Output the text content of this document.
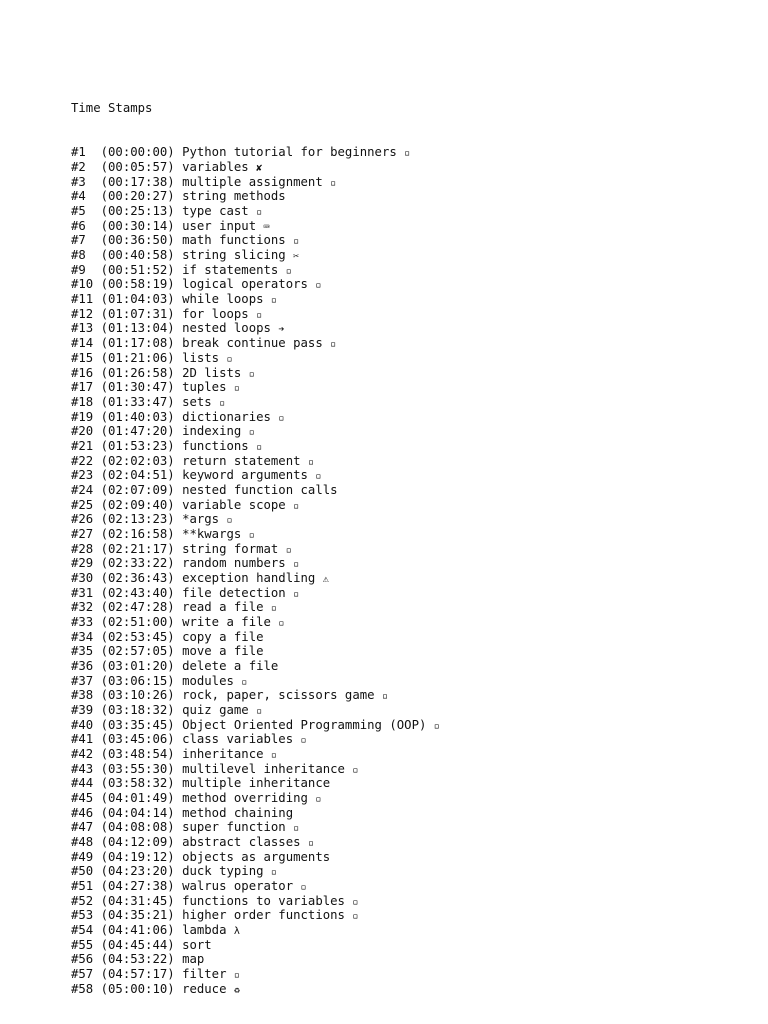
Time Stamps

#1  (00:00:00) Python tutorial for beginners ▫
#2  (00:05:57) variables ✘
#3  (00:17:38) multiple assignment ▫
#4  (00:20:27) string methods
#5  (00:25:13) type cast ▫
#6  (00:30:14) user input ⌨
#7  (00:36:50) math functions ▫
#8  (00:40:58) string slicing ✂
#9  (00:51:52) if statements ▫
#10 (00:58:19) logical operators ▫
#11 (01:04:03) while loops ▫
#12 (01:07:31) for loops ▫
#13 (01:13:04) nested loops ➔
#14 (01:17:08) break continue pass ▫
#15 (01:21:06) lists ▫
#16 (01:26:58) 2D lists ▫
#17 (01:30:47) tuples ▫
#18 (01:33:47) sets ▫
#19 (01:40:03) dictionaries ▫
#20 (01:47:20) indexing ▫
#21 (01:53:23) functions ▫
#22 (02:02:03) return statement ▫
#23 (02:04:51) keyword arguments ▫
#24 (02:07:09) nested function calls
#25 (02:09:40) variable scope ▫
#26 (02:13:23) *args ▫
#27 (02:16:58) **kwargs ▫
#28 (02:21:17) string format ▫
#29 (02:33:22) random numbers ▫
#30 (02:36:43) exception handling ⚠
#31 (02:43:40) file detection ▫
#32 (02:47:28) read a file ▫
#33 (02:51:00) write a file ▫
#34 (02:53:45) copy a file
#35 (02:57:05) move a file
#36 (03:01:20) delete a file
#37 (03:06:15) modules ▫
#38 (03:10:26) rock, paper, scissors game ▫
#39 (03:18:32) quiz game ▫
#40 (03:35:45) Object Oriented Programming (OOP) ▫
#41 (03:45:06) class variables ▫
#42 (03:48:54) inheritance ▫
#43 (03:55:30) multilevel inheritance ▫
#44 (03:58:32) multiple inheritance
#45 (04:01:49) method overriding ▫
#46 (04:04:14) method chaining
#47 (04:08:08) super function ▫
#48 (04:12:09) abstract classes ▫
#49 (04:19:12) objects as arguments
#50 (04:23:20) duck typing ▫
#51 (04:27:38) walrus operator ▫
#52 (04:31:45) functions to variables ▫
#53 (04:35:21) higher order functions ▫
#54 (04:41:06) lambda λ
#55 (04:45:44) sort
#56 (04:53:22) map
#57 (04:57:17) filter ▫
#58 (05:00:10) reduce ♻
